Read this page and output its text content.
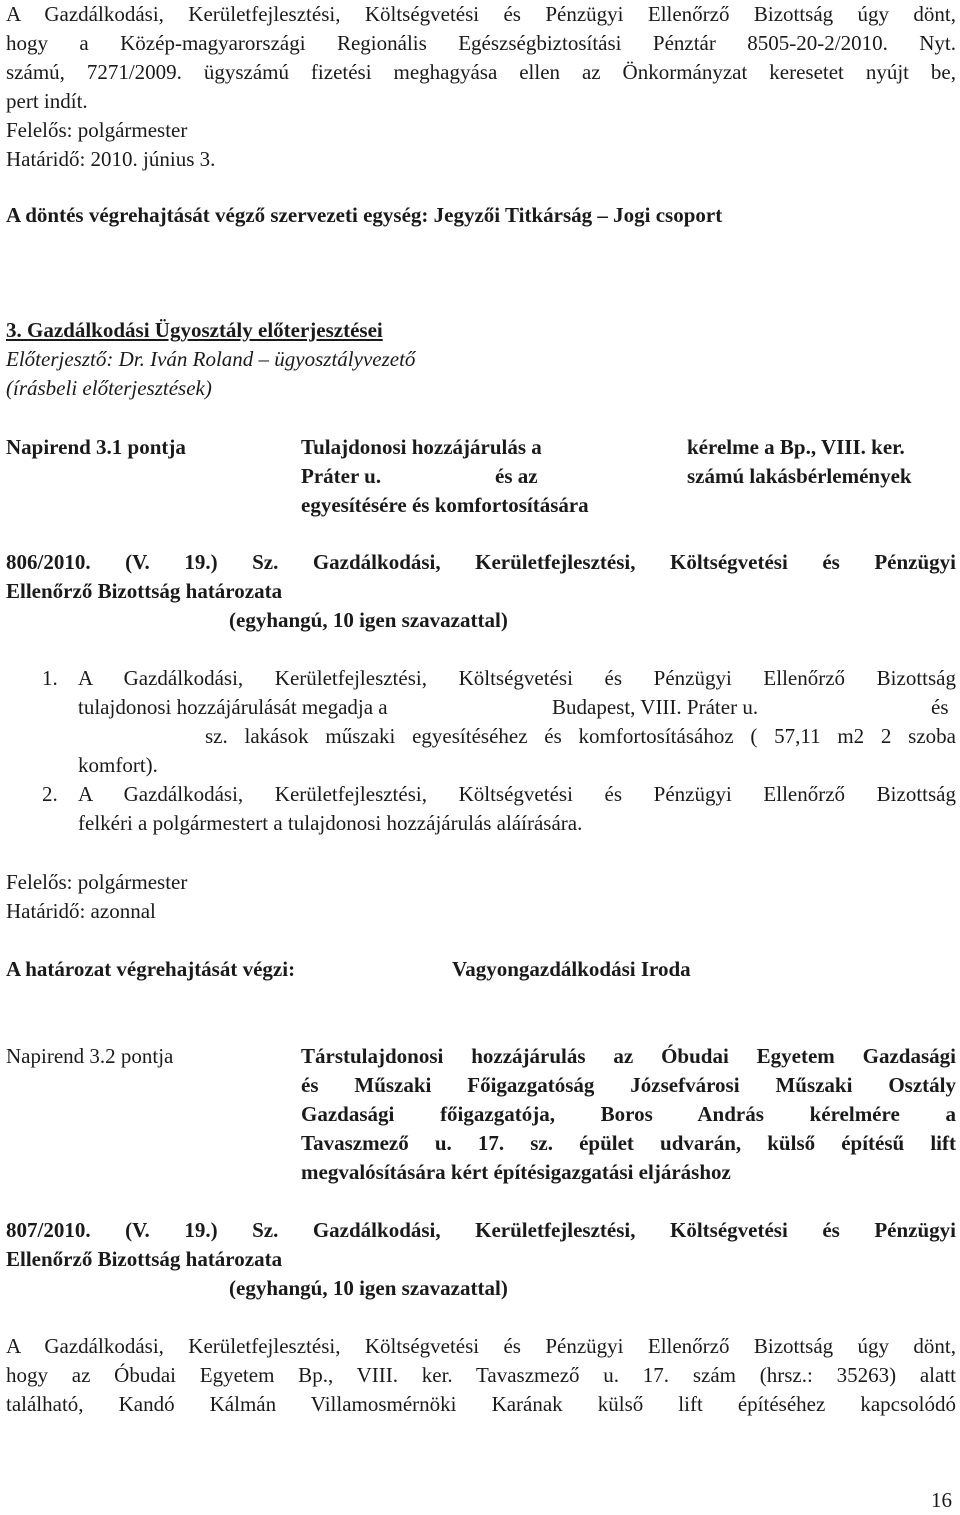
A Gazdálkodási, Kerületfejlesztési, Költségvetési és Pénzügyi Ellenőrző Bizottság úgy dönt,
hogy a Közép-magyarországi Regionális Egészségbiztosítási Pénztár 8505-20-2/2010. Nyt.
számú, 7271/2009. ügyszámú fizetési meghagyása ellen az Önkormányzat keresetet nyújt be,
pert indít.
Felelős: polgármester
Határidő: 2010. június 3.
A döntés végrehajtását végző szervezeti egység: Jegyzői Titkárság – Jogi csoport
3. Gazdálkodási Ügyosztály előterjesztései
Előterjesztő: Dr. Iván Roland – ügyosztályvezető
(írásbeli előterjesztések)
Napirend 3.1 pontja	Tulajdonosi hozzájárulás a	kérelme a Bp., VIII. ker.
Práter u.	és az	számú lakásbérlemények
egyesítésére és komfortosítására
806/2010. (V. 19.) Sz. Gazdálkodási, Kerületfejlesztési, Költségvetési és Pénzügyi
Ellenőrző Bizottság határozata
(egyhangú, 10 igen szavazattal)
1. A Gazdálkodási, Kerületfejlesztési, Költségvetési és Pénzügyi Ellenőrző Bizottság
tulajdonosi hozzájárulását megadja a	Budapest, VIII. Práter u.	és
sz. lakások műszaki egyesítéséhez és komfortosításához ( 57,11 m2 2 szoba
komfort).
2. A Gazdálkodási, Kerületfejlesztési, Költségvetési és Pénzügyi Ellenőrző Bizottság
felkéri a polgármestert a tulajdonosi hozzájárulás aláírására.
Felelős: polgármester
Határidő: azonnal
A határozat végrehajtását végzi:	Vagyongazdálkodási Iroda
Napirend 3.2 pontja	Társtulajdonosi hozzájárulás az Óbudai Egyetem Gazdasági
és Műszaki Főigazgatóság Józsefvárosi Műszaki Osztály
Gazdasági főigazgatója, Boros András kérelmére a
Tavaszmező u. 17. sz. épület udvarán, külső építésű lift
megvalósítására kért építésigazgatási eljáráshoz
807/2010. (V. 19.) Sz. Gazdálkodási, Kerületfejlesztési, Költségvetési és Pénzügyi
Ellenőrző Bizottság határozata
(egyhangú, 10 igen szavazattal)
A Gazdálkodási, Kerületfejlesztési, Költségvetési és Pénzügyi Ellenőrző Bizottság úgy dönt,
hogy az Óbudai Egyetem Bp., VIII. ker. Tavaszmező u. 17. szám (hrsz.: 35263) alatt
található, Kandó Kálmán Villamosmérnöki Karának külső lift építéséhez kapcsolódó
16
